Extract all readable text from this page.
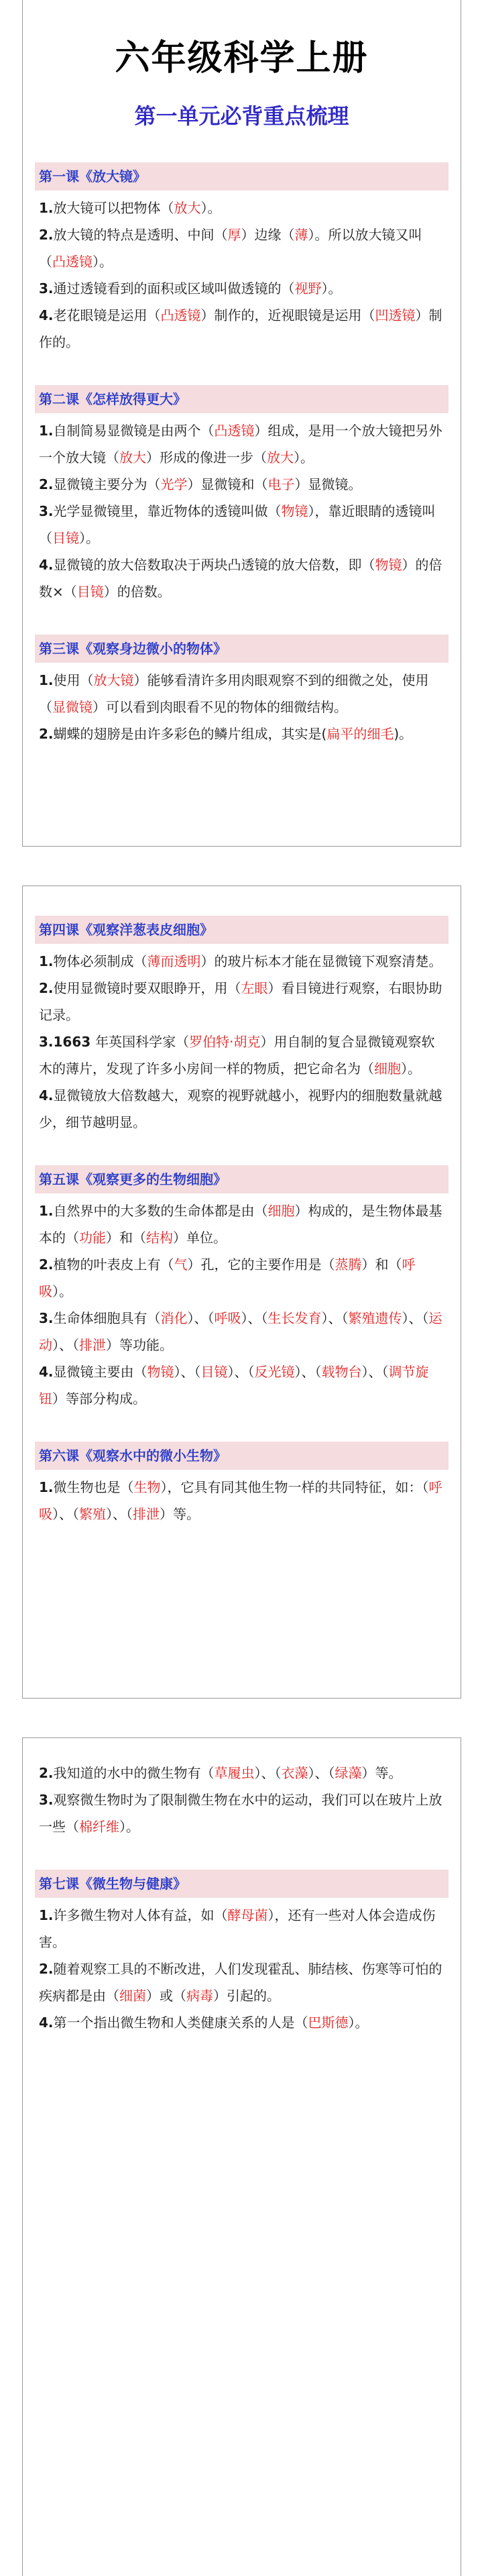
六年级科学上册
第一单元必背重点梳理
第一课《放大镜》
1.放大镜可以把物体（放大）。
2.放大镜的特点是透明、中间（厚）边缘（薄）。所以放大镜又叫（凸透镜）。
3.通过透镜看到的面积或区域叫做透镜的（视野）。
4.老花眼镜是运用（凸透镜）制作的，近视眼镜是运用（凹透镜）制作的。
第二课《怎样放得更大》
1.自制简易显微镜是由两个（凸透镜）组成，是用一个放大镜把另外一个放大镜（放大）形成的像进一步（放大）。
2.显微镜主要分为（光学）显微镜和（电子）显微镜。
3.光学显微镜里，靠近物体的透镜叫做（物镜），靠近眼睛的透镜叫（目镜）。
4.显微镜的放大倍数取决于两块凸透镜的放大倍数，即（物镜）的倍数×（目镜）的倍数。
第三课《观察身边微小的物体》
1.使用（放大镜）能够看清许多用肉眼观察不到的细微之处，使用（显微镜）可以看到肉眼看不见的物体的细微结构。
2.蝴蝶的翅膀是由许多彩色的鳞片组成，其实是(扁平的细毛)。
第四课《观察洋葱表皮细胞》
1.物体必须制成（薄而透明）的玻片标本才能在显微镜下观察清楚。
2.使用显微镜时要双眼睁开，用（左眼）看目镜进行观察，右眼协助记录。
3.1663 年英国科学家（罗伯特·胡克）用自制的复合显微镜观察软木的薄片，发现了许多小房间一样的物质，把它命名为（细胞）。
4.显微镜放大倍数越大，观察的视野就越小，视野内的细胞数量就越少，细节越明显。
第五课《观察更多的生物细胞》
1.自然界中的大多数的生命体都是由（细胞）构成的，是生物体最基本的（功能）和（结构）单位。
2.植物的叶表皮上有（气）孔，它的主要作用是（蒸腾）和（呼吸）。
3.生命体细胞具有（消化）、（呼吸）、（生长发育）、（繁殖遗传）、（运动）、（排泄）等功能。
4.显微镜主要由（物镜）、（目镜）、（反光镜）、（载物台）、（调节旋钮）等部分构成。
第六课《观察水中的微小生物》
1.微生物也是（生物），它具有同其他生物一样的共同特征，如：（呼吸）、（繁殖）、（排泄）等。
2.我知道的水中的微生物有（草履虫）、（衣藻）、（绿藻）等。
3.观察微生物时为了限制微生物在水中的运动，我们可以在玻片上放一些（棉纤维）。
第七课《微生物与健康》
1.许多微生物对人体有益，如（酵母菌），还有一些对人体会造成伤害。
2.随着观察工具的不断改进，人们发现霍乱、肺结核、伤寒等可怕的疾病都是由（细菌）或（病毒）引起的。
4.第一个指出微生物和人类健康关系的人是（巴斯德）。
